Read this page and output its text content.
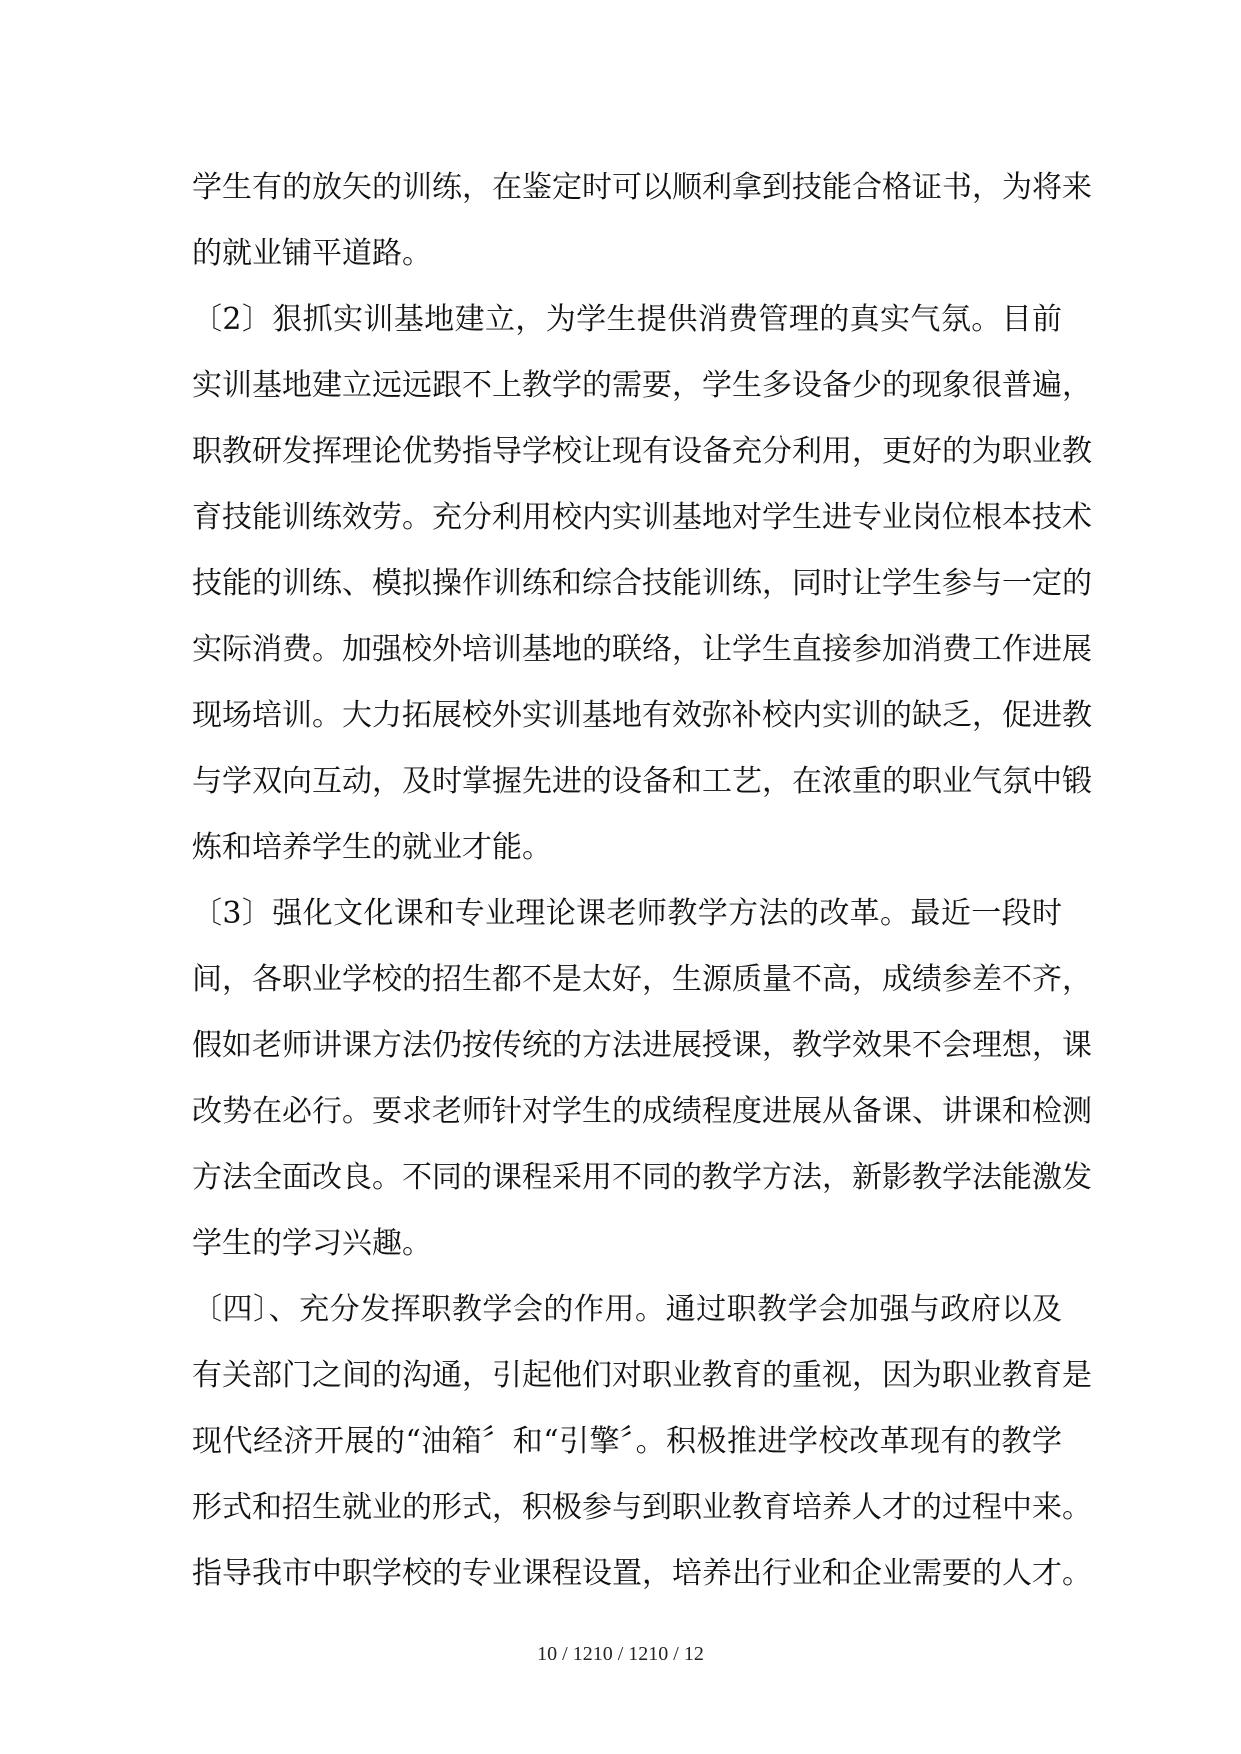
学生有的放矢的训练，在鉴定时可以顺利拿到技能合格证书，为将来
的就业铺平道路。
〔2〕狠抓实训基地建立，为学生提供消费管理的真实气氛。目前
实训基地建立远远跟不上教学的需要，学生多设备少的现象很普遍，
职教研发挥理论优势指导学校让现有设备充分利用，更好的为职业教
育技能训练效劳。充分利用校内实训基地对学生进专业岗位根本技术
技能的训练、模拟操作训练和综合技能训练，同时让学生参与一定的
实际消费。加强校外培训基地的联络，让学生直接参加消费工作进展
现场培训。大力拓展校外实训基地有效弥补校内实训的缺乏，促进教
与学双向互动，及时掌握先进的设备和工艺，在浓重的职业气氛中锻
炼和培养学生的就业才能。
〔3〕强化文化课和专业理论课老师教学方法的改革。最近一段时
间，各职业学校的招生都不是太好，生源质量不高，成绩参差不齐，
假如老师讲课方法仍按传统的方法进展授课，教学效果不会理想，课
改势在必行。要求老师针对学生的成绩程度进展从备课、讲课和检测
方法全面改良。不同的课程采用不同的教学方法，新影教学法能激发
学生的学习兴趣。
〔四〕、充分发挥职教学会的作用。通过职教学会加强与政府以及
有关部门之间的沟通，引起他们对职业教育的重视，因为职业教育是
现代经济开展的“油箱〞和“引擎〞。积极推进学校改革现有的教学
形式和招生就业的形式，积极参与到职业教育培养人才的过程中来。
指导我市中职学校的专业课程设置，培养出行业和企业需要的人才。
10 / 1210 / 1210 / 12
